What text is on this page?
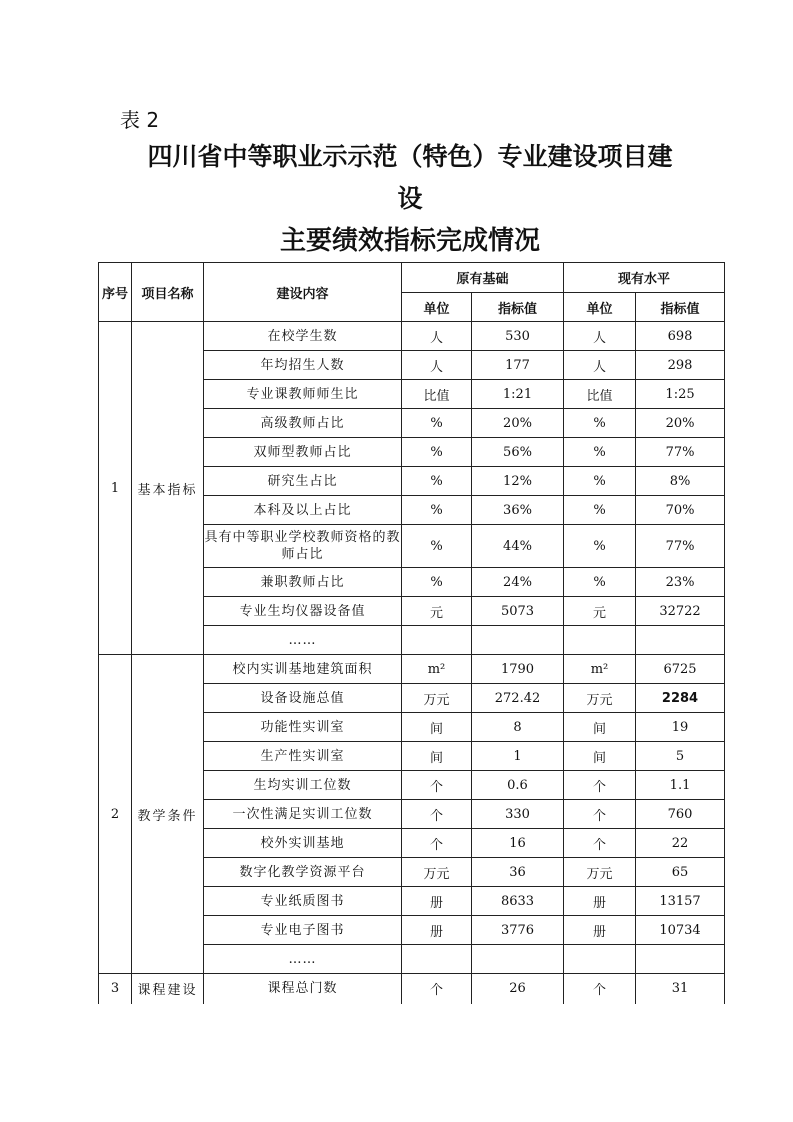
表 2
四川省中等职业示示范（特色）专业建设项目建
设
主要绩效指标完成情况
序号	项目名称	建设内容	原有基础		现有水平	
			单位	指标值	单位	指标值
1	基本指标	在校学生数	人	530	人	698
		年均招生人数	人	177	人	298
		专业课教师师生比	比值	1:21	比值	1:25
		高级教师占比	%	20%	%	20%
		双师型教师占比	%	56%	%	77%
		研究生占比	%	12%	%	8%
		本科及以上占比	%	36%	%	70%
		具有中等职业学校教师资格的教师占比	%	44%	%	77%
		兼职教师占比	%	24%	%	23%
		专业生均仪器设备值	元	5073	元	32722
		……				
2	教学条件	校内实训基地建筑面积	m²	1790	m²	6725
		设备设施总值	万元	272.42	万元	2284
		功能性实训室	间	8	间	19
		生产性实训室	间	1	间	5
		生均实训工位数	个	0.6	个	1.1
		一次性满足实训工位数	个	330	个	760
		校外实训基地	个	16	个	22
		数字化教学资源平台	万元	36	万元	65
		专业纸质图书	册	8633	册	13157
		专业电子图书	册	3776	册	10734
		……				
3	课程建设	课程总门数	个	26	个	31
